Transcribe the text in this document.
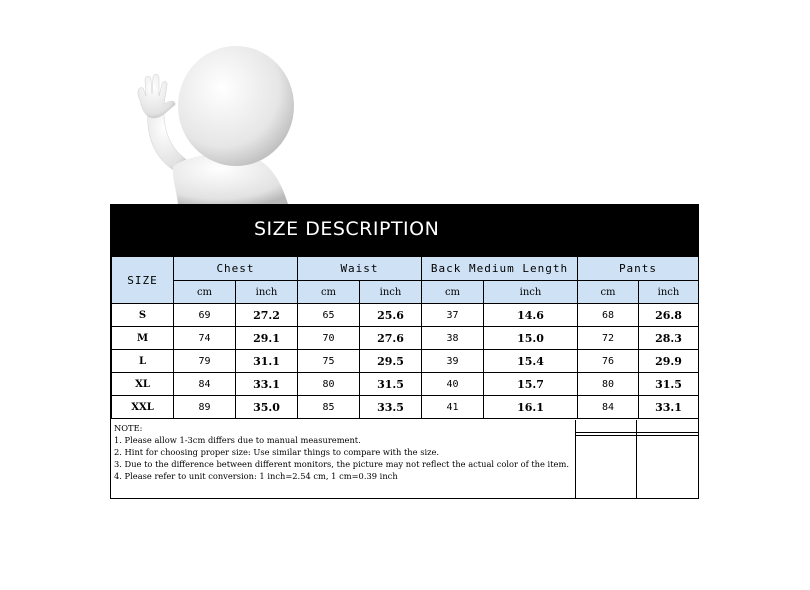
SIZE DESCRIPTION
SIZE	Chest		Waist		Back Medium Length		Pants	
	cm	inch	cm	inch	cm	inch	cm	inch
S	69	27.2	65	25.6	37	14.6	68	26.8
M	74	29.1	70	27.6	38	15.0	72	28.3
L	79	31.1	75	29.5	39	15.4	76	29.9
XL	84	33.1	80	31.5	40	15.7	80	31.5
XXL	89	35.0	85	33.5	41	16.1	84	33.1
NOTE:
1. Please allow 1-3cm differs due to manual measurement.
2. Hint for choosing proper size: Use similar things to compare with the size.
3. Due to the difference between different monitors, the picture may not reflect the actual color of the item.
4. Please refer to unit conversion: 1 inch=2.54 cm, 1 cm=0.39 inch
